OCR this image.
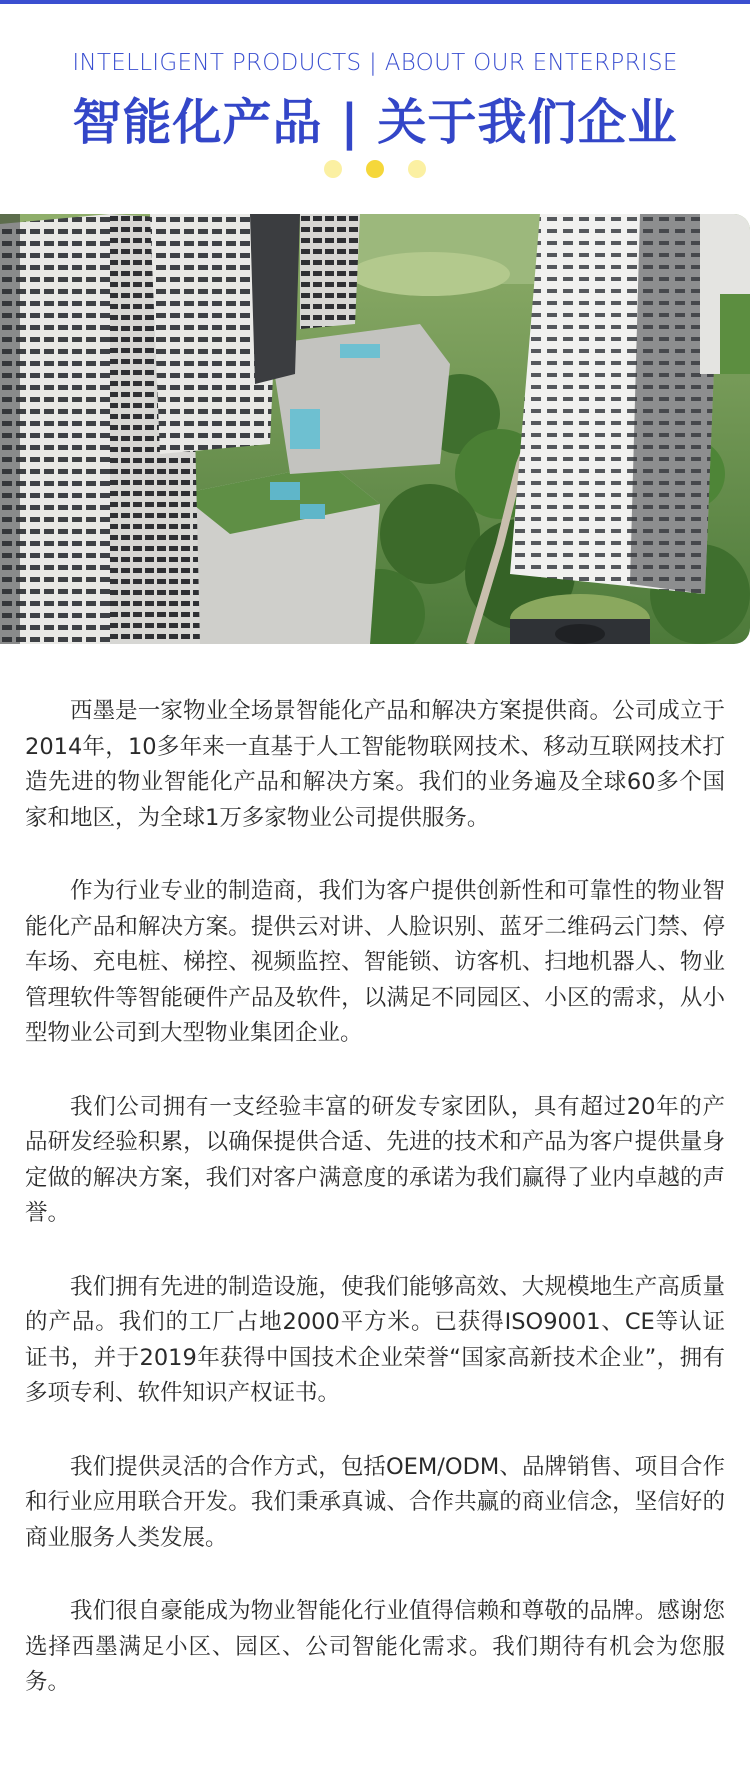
INTELLIGENT PRODUCTS | ABOUT OUR ENTERPRISE
智能化产品 | 关于我们企业

西墨是一家物业全场景智能化产品和解决方案提供商。公司成立于2014年，10多年来一直基于人工智能物联网技术、移动互联网技术打造先进的物业智能化产品和解决方案。我们的业务遍及全球60多个国家和地区，为全球1万多家物业公司提供服务。

作为行业专业的制造商，我们为客户提供创新性和可靠性的物业智能化产品和解决方案。提供云对讲、人脸识别、蓝牙二维码云门禁、停车场、充电桩、梯控、视频监控、智能锁、访客机、扫地机器人、物业管理软件等智能硬件产品及软件，以满足不同园区、小区的需求，从小型物业公司到大型物业集团企业。

我们公司拥有一支经验丰富的研发专家团队，具有超过20年的产品研发经验积累，以确保提供合适、先进的技术和产品为客户提供量身定做的解决方案，我们对客户满意度的承诺为我们赢得了业内卓越的声誉。

我们拥有先进的制造设施，使我们能够高效、大规模地生产高质量的产品。我们的工厂占地2000平方米。已获得ISO9001、CE等认证证书，并于2019年获得中国技术企业荣誉“国家高新技术企业”，拥有多项专利、软件知识产权证书。

我们提供灵活的合作方式，包括OEM/ODM、品牌销售、项目合作和行业应用联合开发。我们秉承真诚、合作共赢的商业信念，坚信好的商业服务人类发展。

我们很自豪能成为物业智能化行业值得信赖和尊敬的品牌。感谢您选择西墨满足小区、园区、公司智能化需求。我们期待有机会为您服务。
